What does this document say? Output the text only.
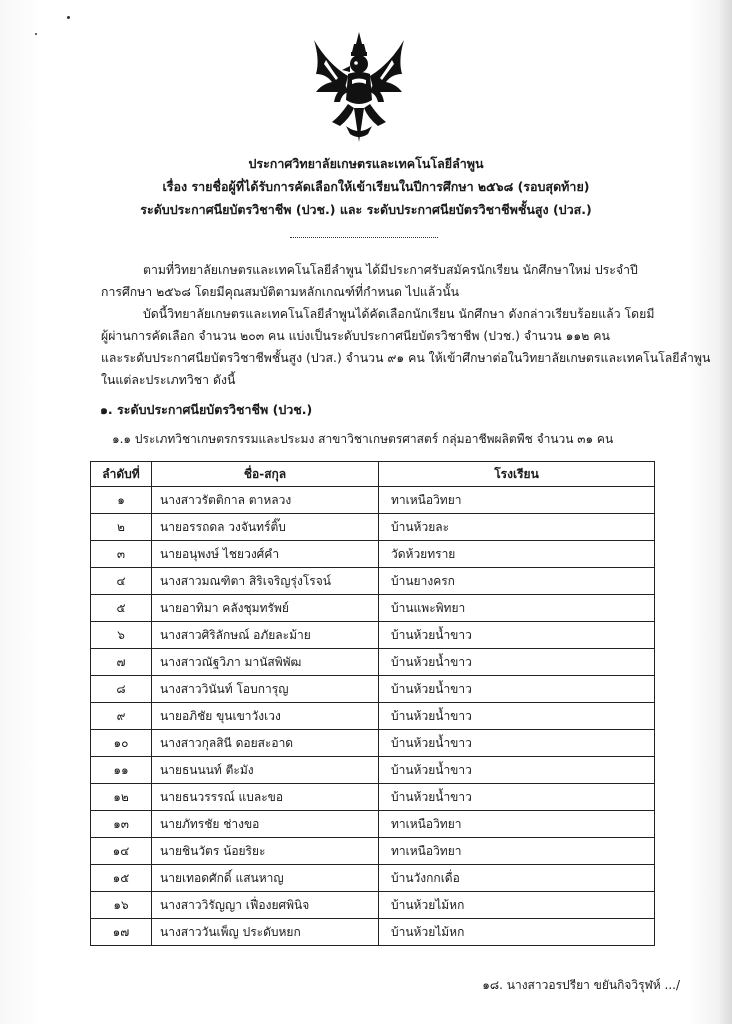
ประกาศวิทยาลัยเกษตรและเทคโนโลยีลำพูน
เรื่อง รายชื่อผู้ที่ได้รับการคัดเลือกให้เข้าเรียนในปีการศึกษา ๒๕๖๘ (รอบสุดท้าย)
ระดับประกาศนียบัตรวิชาชีพ (ปวช.) และ ระดับประกาศนียบัตรวิชาชีพชั้นสูง (ปวส.)
ตามที่วิทยาลัยเกษตรและเทคโนโลยีลำพูน ได้มีประกาศรับสมัครนักเรียน นักศึกษาใหม่ ประจำปี
การศึกษา ๒๕๖๘ โดยมีคุณสมบัติตามหลักเกณฑ์ที่กำหนด ไปแล้วนั้น
บัดนี้วิทยาลัยเกษตรและเทคโนโลยีลำพูนได้คัดเลือกนักเรียน นักศึกษา ดังกล่าวเรียบร้อยแล้ว โดยมี
ผู้ผ่านการคัดเลือก จำนวน ๒๐๓ คน แบ่งเป็นระดับประกาศนียบัตรวิชาชีพ (ปวช.) จำนวน ๑๑๒ คน
และระดับประกาศนียบัตรวิชาชีพชั้นสูง (ปวส.) จำนวน ๙๑ คน ให้เข้าศึกษาต่อในวิทยาลัยเกษตรและเทคโนโลยีลำพูน
ในแต่ละประเภทวิชา ดังนี้
๑. ระดับประกาศนียบัตรวิชาชีพ (ปวช.)
๑.๑ ประเภทวิชาเกษตรกรรมและประมง สาขาวิชาเกษตรศาสตร์ กลุ่มอาชีพผลิตพืช จำนวน ๓๑ คน
ลำดับที่	ชื่อ-สกุล	โรงเรียน
๑	นางสาวรัตติกาล ตาหลวง	ทาเหนือวิทยา
๒	นายอรรถดล วงจันทร์ติ๊บ	บ้านห้วยละ
๓	นายอนุพงษ์ ไชยวงศ์คำ	วัดห้วยทราย
๔	นางสาวมณฑิตา สิริเจริญรุ่งโรจน์	บ้านยางครก
๕	นายอาทิมา คลังชุมทรัพย์	บ้านแพะพิทยา
๖	นางสาวศิริลักษณ์ อภัยละม้าย	บ้านห้วยน้ำขาว
๗	นางสาวณัฐวิภา มานัสพิพัฒ	บ้านห้วยน้ำขาว
๘	นางสาววินันท์ โอบการุญ	บ้านห้วยน้ำขาว
๙	นายอภิชัย ขุนเขาวังเวง	บ้านห้วยน้ำขาว
๑๐	นางสาวกุลสินี ดอยสะอาด	บ้านห้วยน้ำขาว
๑๑	นายธนนนท์ ตีะมัง	บ้านห้วยน้ำขาว
๑๒	นายธนวรรรณ์ แบละขอ	บ้านห้วยน้ำขาว
๑๓	นายภัทรชัย ช่างขอ	ทาเหนือวิทยา
๑๔	นายชินวัตร น้อยริยะ	ทาเหนือวิทยา
๑๕	นายเทอดศักดิ์ แสนหาญ	บ้านวังกกเดื่อ
๑๖	นางสาววิรัญญา เฟื่องยศพินิจ	บ้านห้วยไม้หก
๑๗	นางสาววันเพ็ญ ประดับหยก	บ้านห้วยไม้หก
๑๘. นางสาวอรปรียา ขยันกิจวิรุฬห์ .../
